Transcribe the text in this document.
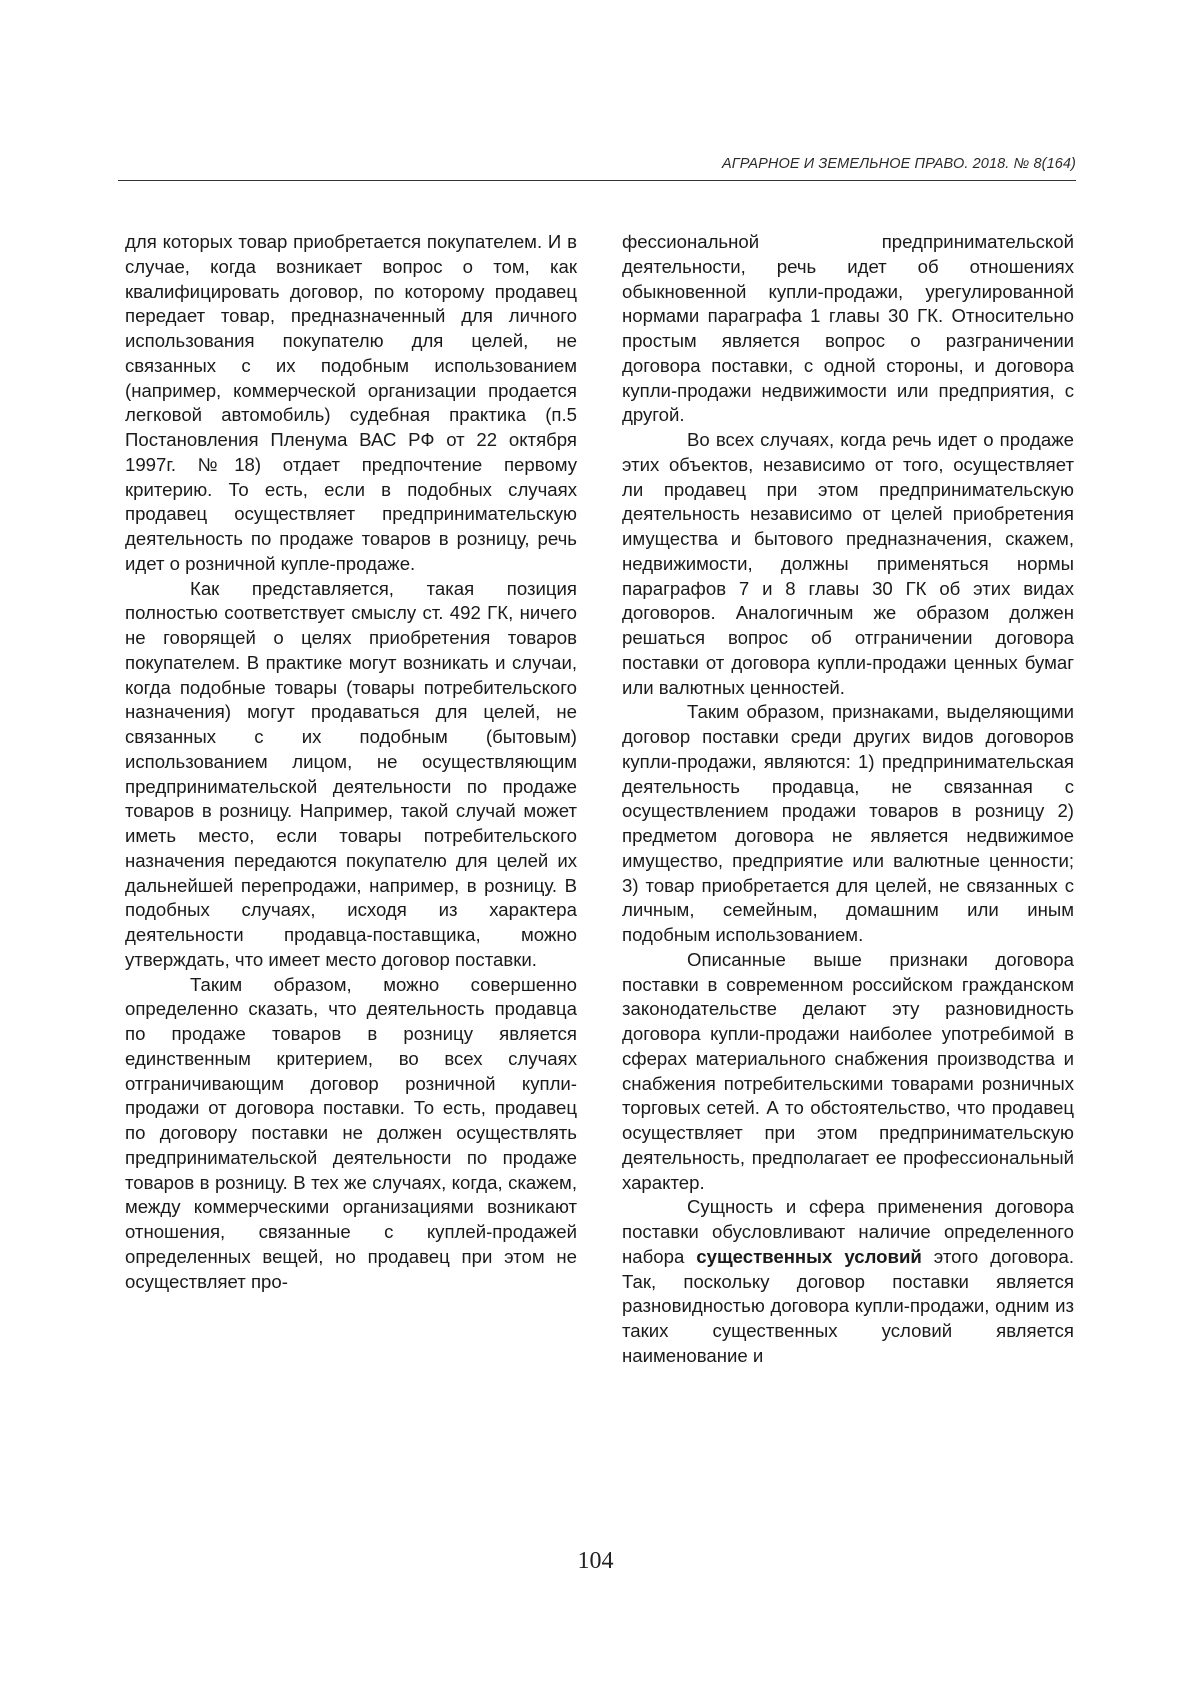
АГРАРНОЕ И ЗЕМЕЛЬНОЕ ПРАВО. 2018. № 8(164)

для которых товар приобретается покупателем. И в случае, когда возникает вопрос о том, как квалифицировать договор, по которому продавец передает товар, предназначенный для личного использования покупателю для целей, не связанных с их подобным использованием (например, коммерческой организации продается легковой автомобиль) судебная практика (п.5 Постановления Пленума ВАС РФ от 22 октября 1997г. №18) отдает предпочтение первому критерию. То есть, если в подобных случаях продавец осуществляет предпринимательскую деятельность по продаже товаров в розницу, речь идет о розничной купле-продаже.

Как представляется, такая позиция полностью соответствует смыслу ст. 492 ГК, ничего не говорящей о целях приобретения товаров покупателем. В практике могут возникать и случаи, когда подобные товары (товары потребительского назначения) могут продаваться для целей, не связанных с их подобным (бытовым) использованием лицом, не осуществляющим предпринимательской деятельности по продаже товаров в розницу. Например, такой случай может иметь место, если товары потребительского назначения передаются покупателю для целей их дальнейшей перепродажи, например, в розницу. В подобных случаях, исходя из характера деятельности продавца-поставщика, можно утверждать, что имеет место договор поставки.

Таким образом, можно совершенно определенно сказать, что деятельность продавца по продаже товаров в розницу является единственным критерием, во всех случаях отграничивающим договор розничной купли-продажи от договора поставки. То есть, продавец по договору поставки не должен осуществлять предпринимательской деятельности по продаже товаров в розницу. В тех же случаях, когда, скажем, между коммерческими организациями возникают отношения, связанные с куплей-продажей определенных вещей, но продавец при этом не осуществляет про-

фессиональной предпринимательской деятельности, речь идет об отношениях обыкновенной купли-продажи, урегулированной нормами параграфа 1 главы 30 ГК. Относительно простым является вопрос о разграничении договора поставки, с одной стороны, и договора купли-продажи недвижимости или предприятия, с другой.

Во всех случаях, когда речь идет о продаже этих объектов, независимо от того, осуществляет ли продавец при этом предпринимательскую деятельность независимо от целей приобретения имущества и бытового предназначения, скажем, недвижимости, должны применяться нормы параграфов 7 и 8 главы 30 ГК об этих видах договоров. Аналогичным же образом должен решаться вопрос об отграничении договора поставки от договора купли-продажи ценных бумаг или валютных ценностей.

Таким образом, признаками, выделяющими договор поставки среди других видов договоров купли-продажи, являются: 1) предпринимательская деятельность продавца, не связанная с осуществлением продажи товаров в розницу 2) предметом договора не является недвижимое имущество, предприятие или валютные ценности; 3) товар приобретается для целей, не связанных с личным, семейным, домашним или иным подобным использованием.

Описанные выше признаки договора поставки в современном российском гражданском законодательстве делают эту разновидность договора купли-продажи наиболее употребимой в сферах материального снабжения производства и снабжения потребительскими товарами розничных торговых сетей. А то обстоятельство, что продавец осуществляет при этом предпринимательскую деятельность, предполагает ее профессиональный характер.

Сущность и сфера применения договора поставки обусловливают наличие определенного набора существенных условий этого договора. Так, поскольку договор поставки является разновидностью договора купли-продажи, одним из таких существенных условий является наименование и

104
